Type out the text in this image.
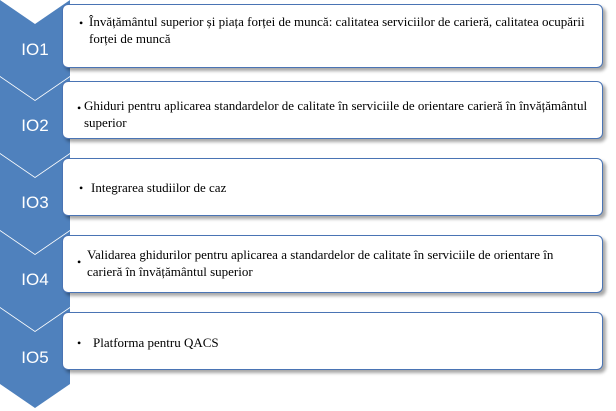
IO1
• Învățământul superior și piața forței de muncă: calitatea serviciilor de carieră, calitatea ocupării forței de muncă
IO2
• Ghiduri pentru aplicarea standardelor de calitate în serviciile de orientare carieră în învățământul superior
IO3
• Integrarea studiilor de caz
IO4
• Validarea ghidurilor pentru aplicarea a standardelor de calitate în serviciile de orientare în carieră în învățământul superior
IO5
• Platforma pentru QACS
